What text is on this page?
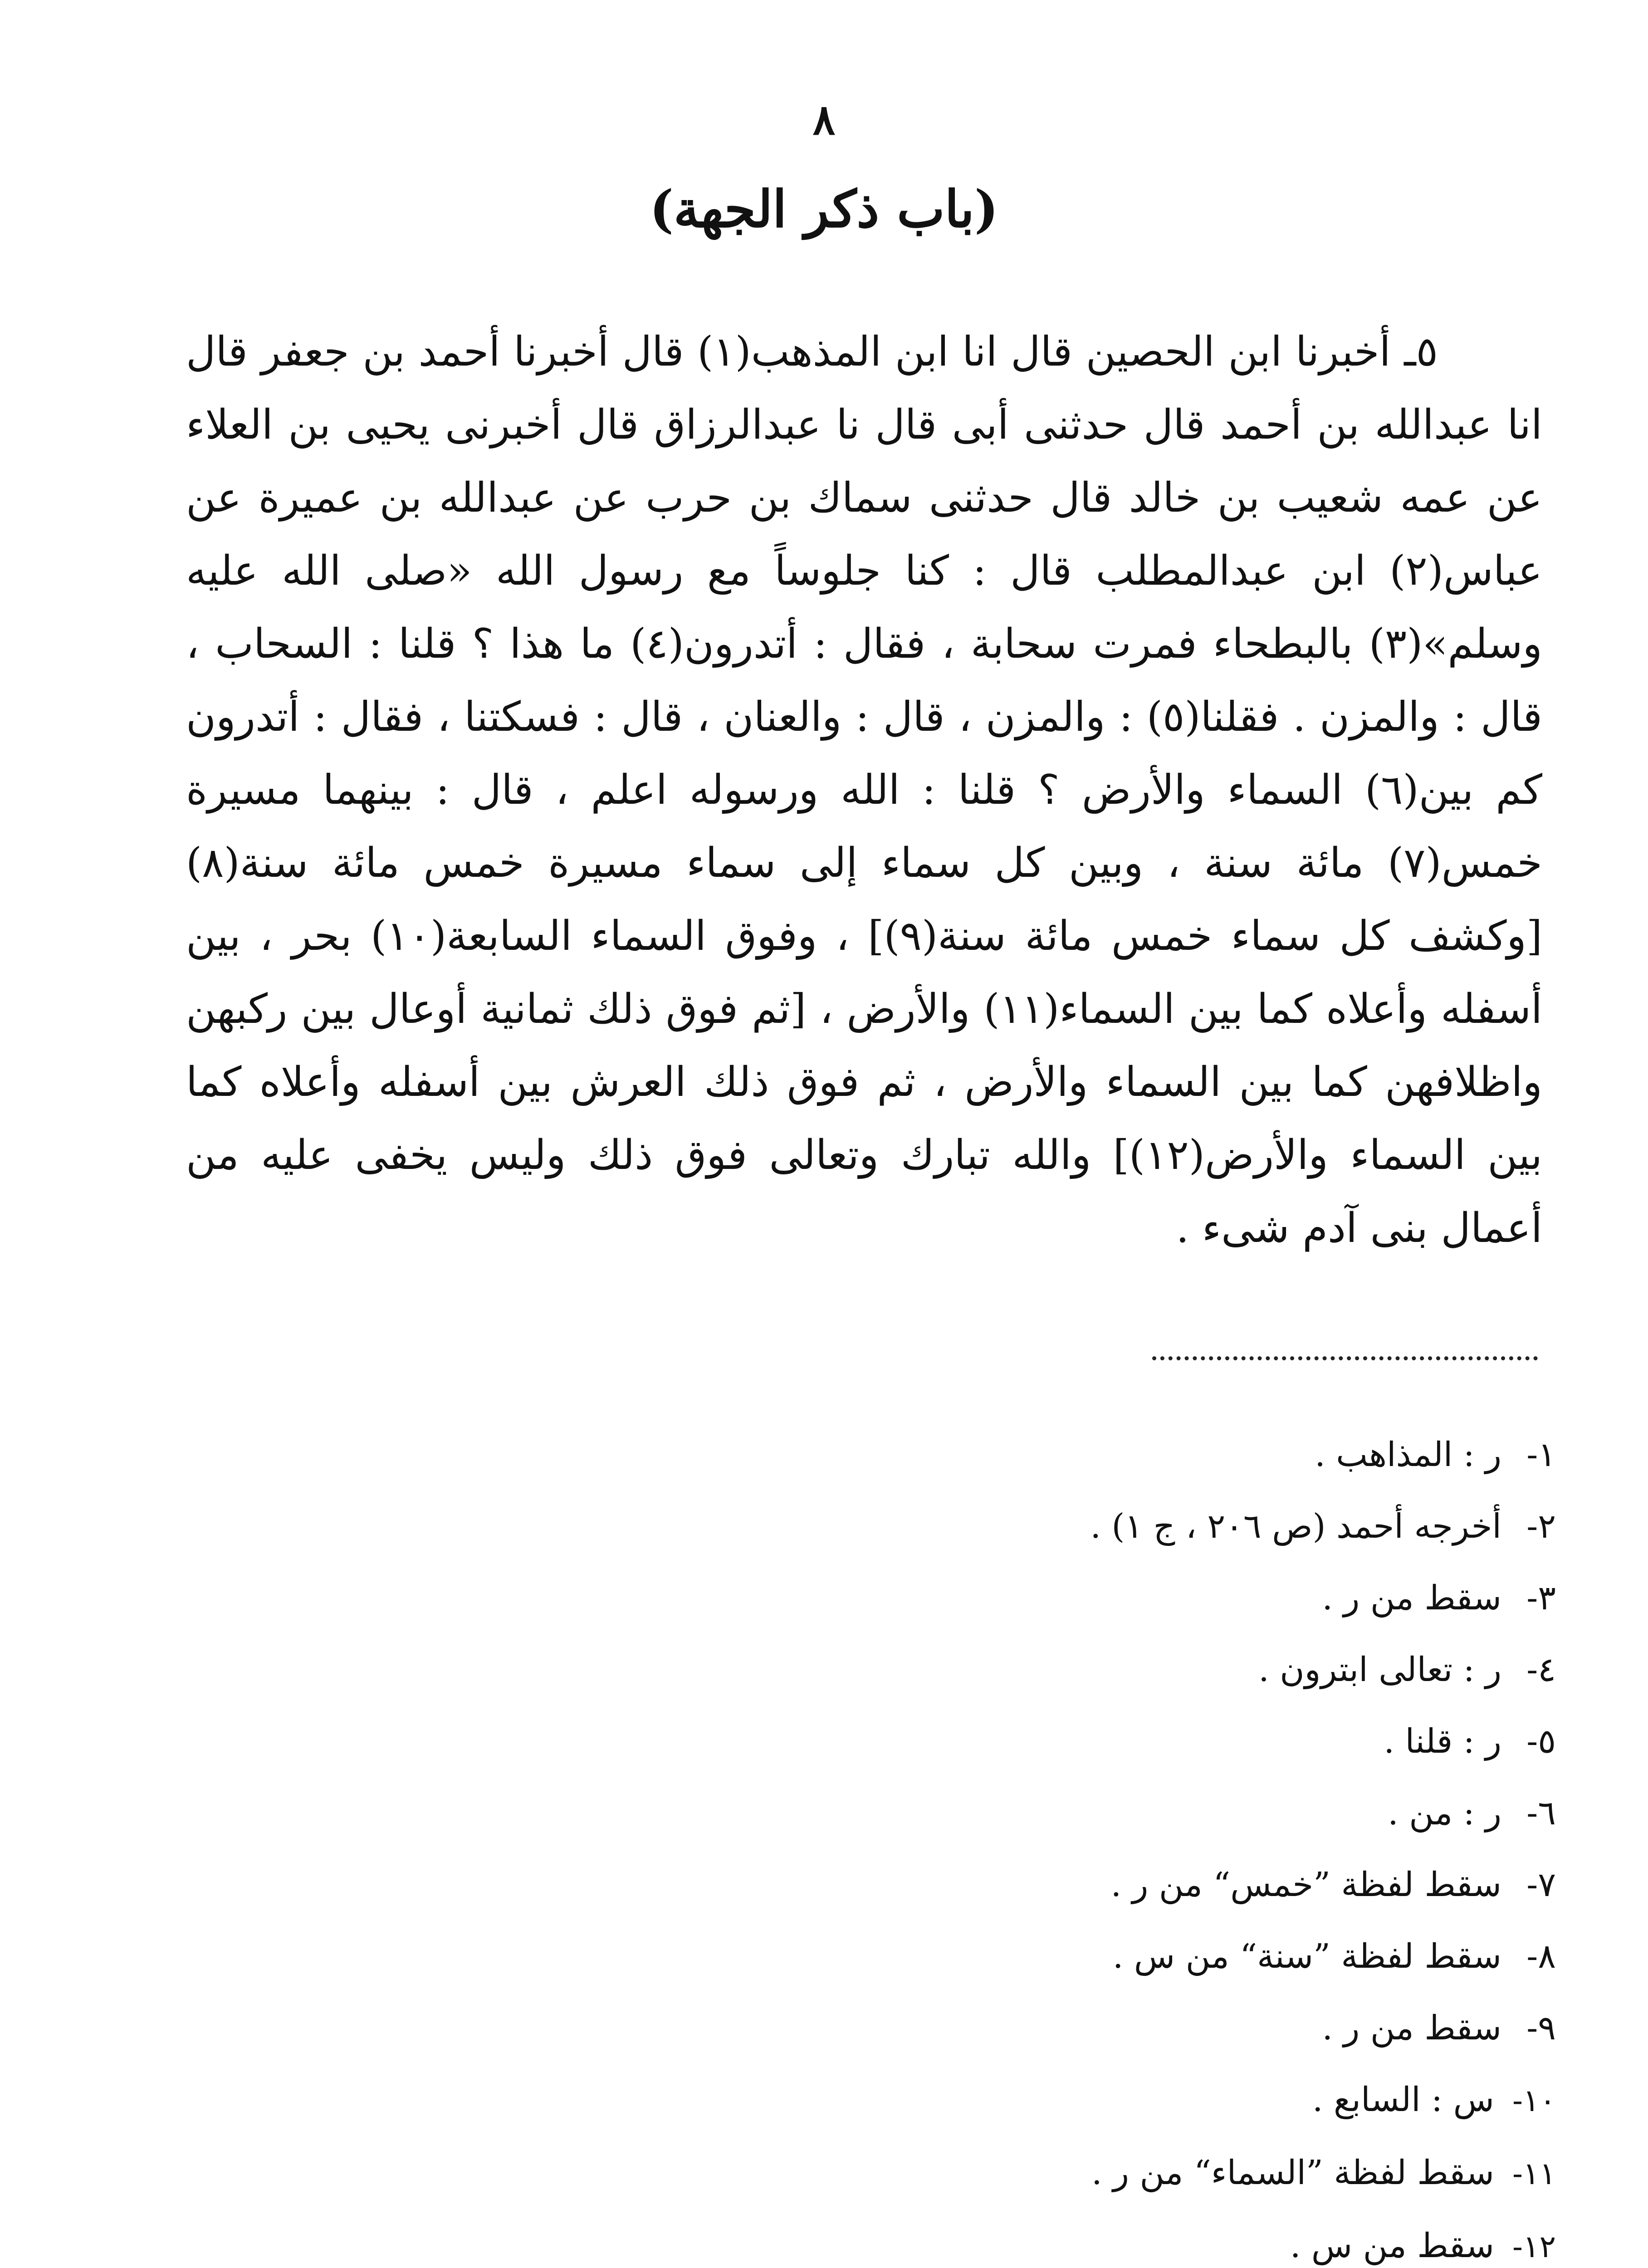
٨
(باب ذكر الجهة)

٥ـ أخبرنا ابن الحصين قال انا ابن المذهب(١) قال أخبرنا أحمد بن جعفر قال انا عبدالله بن أحمد قال حدثنى أبى قال نا عبدالرزاق قال أخبرنى يحيى بن العلاء عن عمه شعيب بن خالد قال حدثنى سماك بن حرب عن عبدالله بن عميرة عن عباس(٢) ابن عبدالمطلب قال : كنا جلوساً مع رسول الله «صلى الله عليه وسلم»(٣) بالبطحاء فمرت سحابة ، فقال : أتدرون(٤) ما هذا ؟ قلنا : السحاب ، قال : والمزن . فقلنا(٥) : والمزن ، قال : والعنان ، قال : فسكتنا ، فقال : أتدرون كم بين(٦) السماء والأرض ؟ قلنا : الله ورسوله اعلم ، قال : بينهما مسيرة خمس(٧) مائة سنة ، وبين كل سماء إلى سماء مسيرة خمس مائة سنة(٨) [وكشف كل سماء خمس مائة سنة(٩)] ، وفوق السماء السابعة(١٠) بحر ، بين أسفله وأعلاه كما بين السماء(١١) والأرض ، [ثم فوق ذلك ثمانية أوعال بين ركبهن واظلافهن كما بين السماء والأرض ، ثم فوق ذلك العرش بين أسفله وأعلاه كما بين السماء والأرض(١٢)] والله تبارك وتعالى فوق ذلك وليس يخفى عليه من أعمال بنى آدم شىء .

١-ر : المذاهب .
٢-أخرجه أحمد (ص ٢٠٦ ، ج ١) .
٣-سقط من ر .
٤-ر : تعالى ابترون .
٥-ر : قلنا .
٦-ر : من .
٧-سقط لفظة ”خمس“ من ر .
٨-سقط لفظة ”سنة“ من س .
٩-سقط من ر .
١٠-س : السابع .
١١-سقط لفظة ”السماء“ من ر .
١٢-سقط من س .
